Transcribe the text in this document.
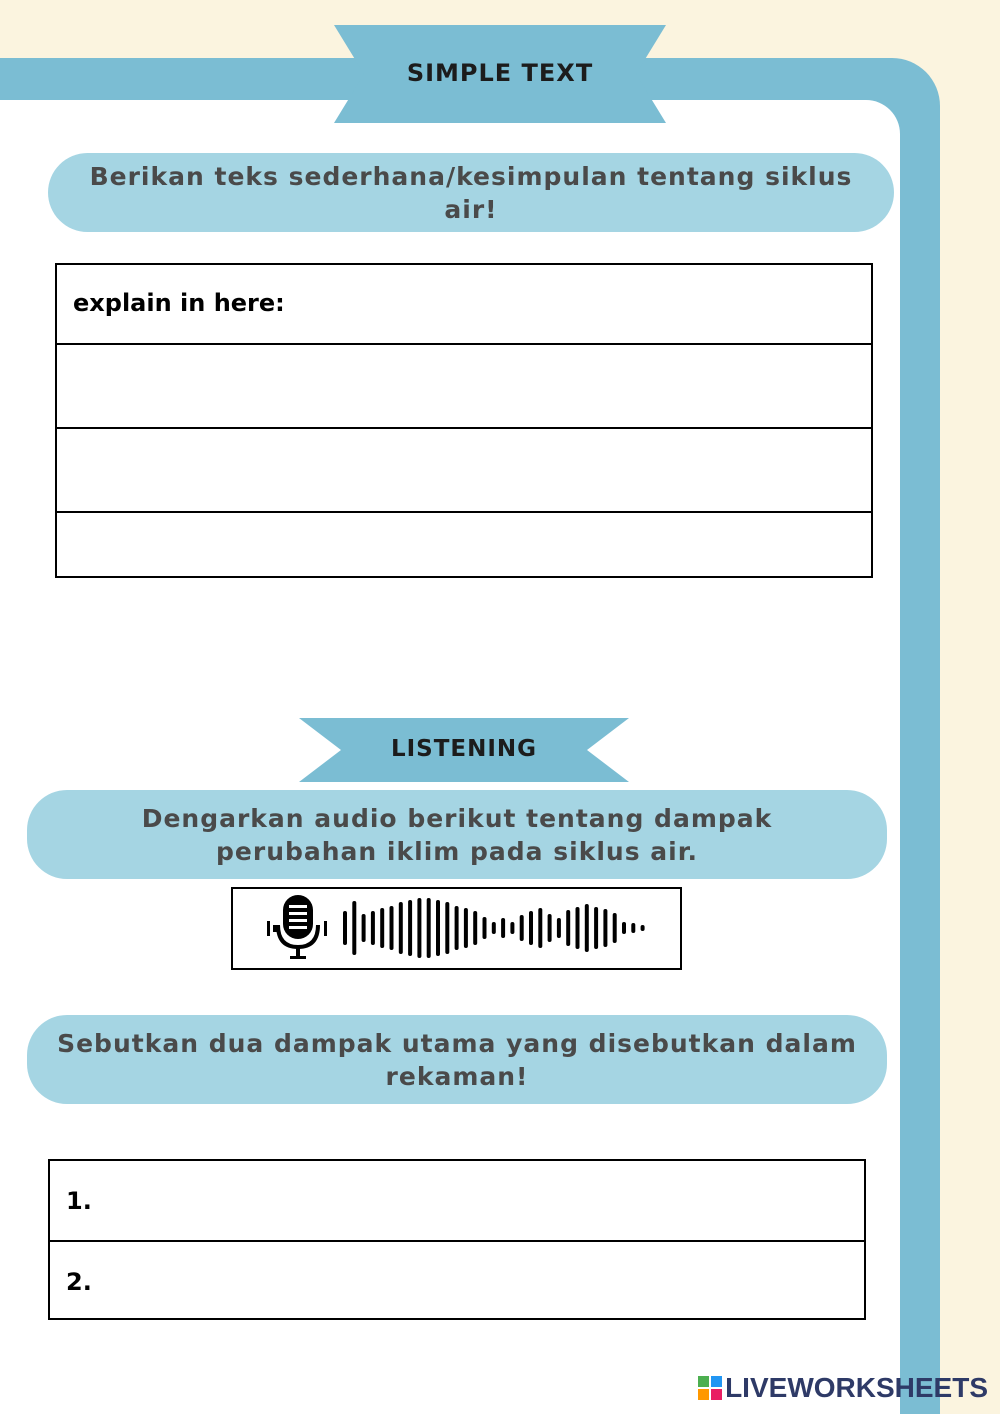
SIMPLE TEXT
Berikan teks sederhana/kesimpulan tentang siklus air!
explain in here:
LISTENING
Dengarkan audio berikut tentang dampak perubahan iklim pada siklus air.
Sebutkan dua dampak utama yang disebutkan dalam rekaman!
1.
2.
LIVEWORKSHEETS
